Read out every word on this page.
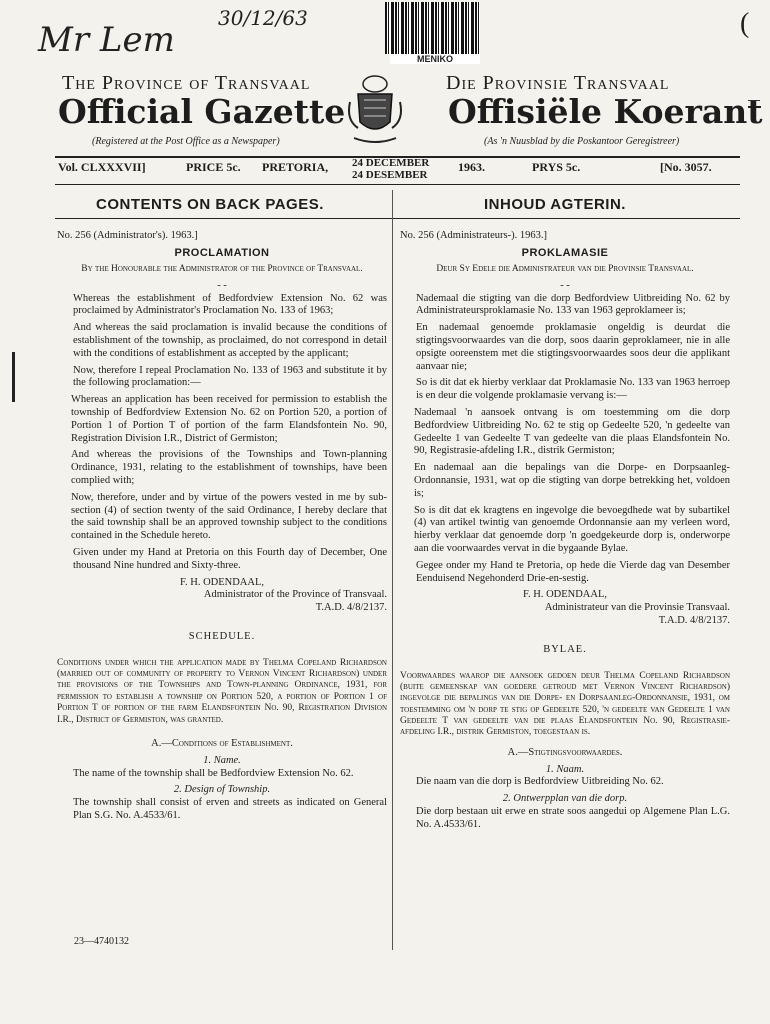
Mr Lem
30/12/63
MENIKO
(
The Province of Transvaal	Die Provinsie Transvaal
Official Gazette	Offisiële Koerant
(Registered at the Post Office as a Newspaper)	(As 'n Nuusblad by die Poskantoor Geregistreer)
Vol. CLXXXVII]	PRICE 5c. PRETORIA, 24 DECEMBER
24 DESEMBER
1963.	PRYS 5c.	[No. 3057.
CONTENTS ON BACK PAGES.	INHOUD AGTERIN.

No. 256 (Administrator's). 1963.]

PROCLAMATION

By the Honourable the Administrator of the Province of Transvaal.

- -

Whereas the establishment of Bedfordview Extension No. 62 was proclaimed by Administrator's Proclamation No. 133 of 1963;

And whereas the said proclamation is invalid because the conditions of establishment of the township, as proclaimed, do not correspond in detail with the conditions of establishment as accepted by the applicant;

Now, therefore I repeal Proclamation No. 133 of 1963 and substitute it by the following proclamation:—

Whereas an application has been received for permission to establish the township of Bedfordview Extension No. 62 on Portion 520, a portion of Portion 1 of Portion T of portion of the farm Elandsfontein No. 90, Registration Division I.R., District of Germiston;

And whereas the provisions of the Townships and Town-planning Ordinance, 1931, relating to the establishment of townships, have been complied with;

Now, therefore, under and by virtue of the powers vested in me by sub-section (4) of section twenty of the said Ordinance, I hereby declare that the said township shall be an approved township subject to the conditions contained in the Schedule hereto.

Given under my Hand at Pretoria on this Fourth day of December, One thousand Nine hundred and Sixty-three.

F. H. ODENDAAL,

Administrator of the Province of Transvaal.

T.A.D. 4/8/2137.

SCHEDULE.

Conditions under which the application made by Thelma Copeland Richardson (married out of community of property to Vernon Vincent Richardson) under the provisions of the Townships and Town-planning Ordinance, 1931, for permission to establish a township on Portion 520, a portion of Portion 1 of Portion T of portion of the farm Elandsfontein No. 90, Registration Division I.R., District of Germiston, was granted.

A.—Conditions of Establishment.

1. Name.

The name of the township shall be Bedfordview Extension No. 62.

2. Design of Township.

The township shall consist of erven and streets as indicated on General Plan S.G. No. A.4533/61.

23—4740132

No. 256 (Administrateurs-). 1963.]

PROKLAMASIE

Deur Sy Edele die Administrateur van die Provinsie Transvaal.

- -

Nademaal die stigting van die dorp Bedfordview Uitbreiding No. 62 by Administrateursproklamasie No. 133 van 1963 geproklameer is;

En nademaal genoemde proklamasie ongeldig is deurdat die stigtingsvoorwaardes van die dorp, soos daarin geproklameer, nie in alle opsigte ooreenstem met die stigtingsvoorwaardes soos deur die applikant aanvaar nie;

So is dit dat ek hierby verklaar dat Proklamasie No. 133 van 1963 herroep is en deur die volgende proklamasie vervang is:—

Nademaal 'n aansoek ontvang is om toestemming om die dorp Bedfordview Uitbreiding No. 62 te stig op Gedeelte 520, 'n gedeelte van Gedeelte 1 van Gedeelte T van gedeelte van die plaas Elandsfontein No. 90, Registrasie-afdeling I.R., distrik Germiston;

En nademaal aan die bepalings van die Dorpe- en Dorpsaanleg-Ordonnansie, 1931, wat op die stigting van dorpe betrekking het, voldoen is;

So is dit dat ek kragtens en ingevolge die bevoegdhede wat by subartikel (4) van artikel twintig van genoemde Ordonnansie aan my verleen word, hierby verklaar dat genoemde dorp 'n goedgekeurde dorp is, onderworpe aan die voorwaardes vervat in die bygaande Bylae.

Gegee onder my Hand te Pretoria, op hede die Vierde dag van Desember Eenduisend Negehonderd Drie-en-sestig.

F. H. ODENDAAL,

Administrateur van die Provinsie Transvaal.

T.A.D. 4/8/2137.

BYLAE.

Voorwaardes waarop die aansoek gedoen deur Thelma Copeland Richardson (buite gemeenskap van goedere getroud met Vernon Vincent Richardson) ingevolge die bepalings van die Dorpe- en Dorpsaanleg-Ordonnansie, 1931, om toestemming om 'n dorp te stig op Gedeelte 520, 'n gedeelte van Gedeelte 1 van Gedeelte T van gedeelte van die plaas Elandsfontein No. 90, Registrasie-afdeling I.R., distrik Germiston, toegestaan is.

A.—Stigtingsvoorwaardes.

1. Naam.

Die naam van die dorp is Bedfordview Uitbreiding No. 62.

2. Ontwerpplan van die dorp.

Die dorp bestaan uit erwe en strate soos aangedui op Algemene Plan L.G. No. A.4533/61.
